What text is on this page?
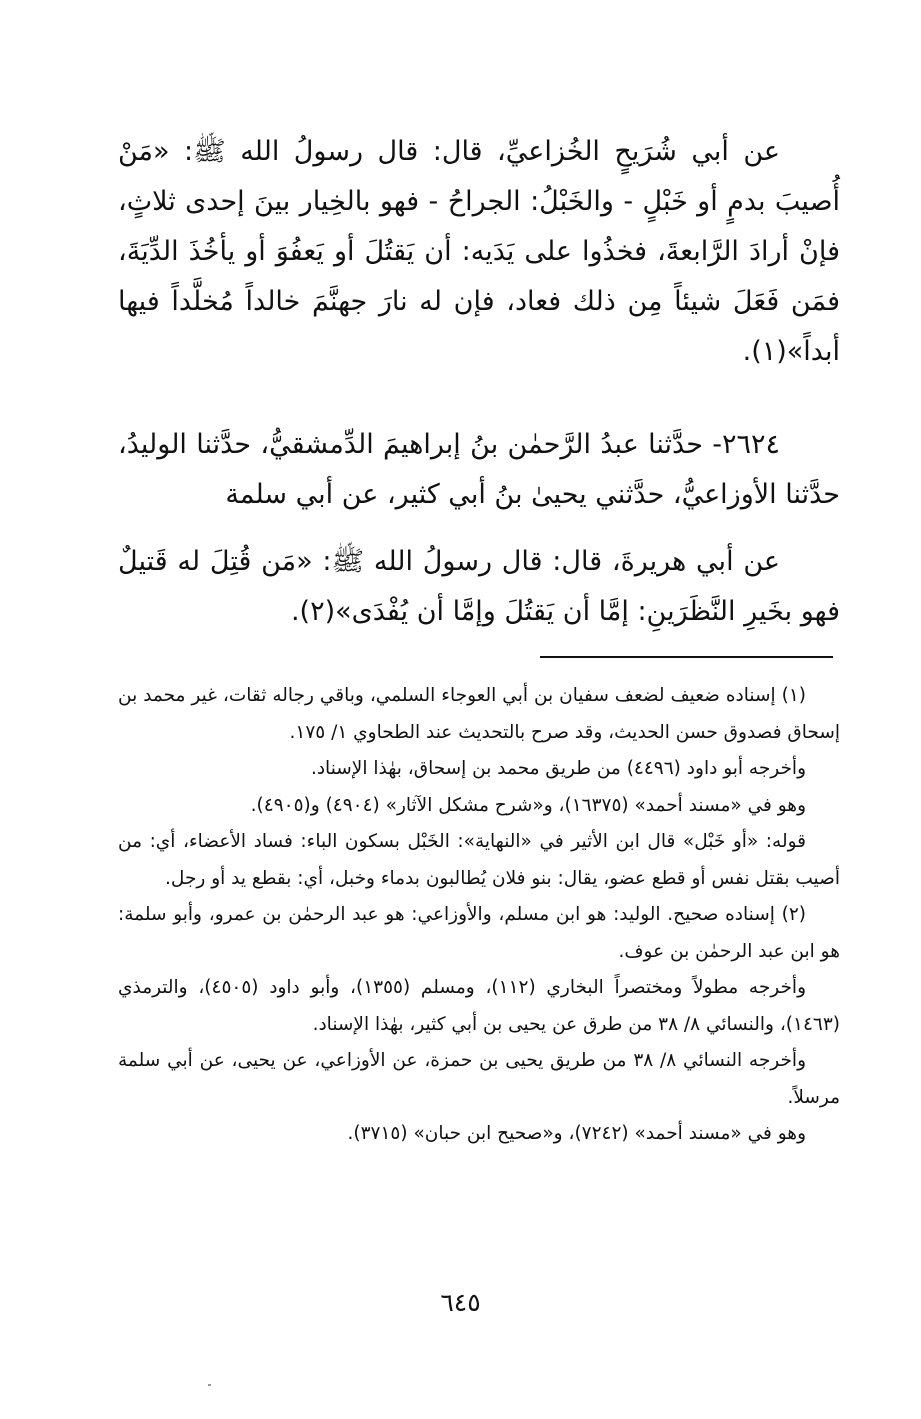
عن أبي شُرَيحٍ الخُزاعيِّ، قال: قال رسولُ الله ﷺ: «مَنْ أُصيبَ بدمٍ أو خَبْلٍ - والخَبْلُ: الجراحُ - فهو بالخِيار بينَ إحدى ثلاثٍ، فإنْ أرادَ الرَّابعةَ، فخذُوا على يَدَيه: أن يَقتُلَ أو يَعفُوَ أو يأخُذَ الدِّيَةَ، فمَن فَعَلَ شيئاً مِن ذلك فعاد، فإن له نارَ جهنَّمَ خالداً مُخلَّداً فيها أبداً»(١).

٢٦٢٤- حدَّثنا عبدُ الرَّحمٰن بنُ إبراهيمَ الدِّمشقيُّ، حدَّثنا الوليدُ، حدَّثنا الأوزاعيُّ، حدَّثني يحيىٰ بنُ أبي كثير، عن أبي سلمة

عن أبي هريرةَ، قال: قال رسولُ الله ﷺ: «مَن قُتِلَ له قَتيلٌ فهو بخَيرِ النَّظَرَينِ: إمَّا أن يَقتُلَ وإمَّا أن يُفْدَى»(٢).

(١) إسناده ضعيف لضعف سفيان بن أبي العوجاء السلمي، وباقي رجاله ثقات، غير محمد بن إسحاق فصدوق حسن الحديث، وقد صرح بالتحديث عند الطحاوي ١/ ١٧٥.

وأخرجه أبو داود (٤٤٩٦) من طريق محمد بن إسحاق، بهٰذا الإسناد.

وهو في «مسند أحمد» (١٦٣٧٥)، و«شرح مشكل الآثار» (٤٩٠٤) و(٤٩٠٥).

قوله: «أو خَبْل» قال ابن الأثير في «النهاية»: الخَبْل بسكون الباء: فساد الأعضاء، أي: من أصيب بقتل نفس أو قطع عضو، يقال: بنو فلان يُطالبون بدماء وخبل، أي: بقطع يد أو رجل.

(٢) إسناده صحيح. الوليد: هو ابن مسلم، والأوزاعي: هو عبد الرحمٰن بن عمرو، وأبو سلمة: هو ابن عبد الرحمٰن بن عوف.

وأخرجه مطولاً ومختصراً البخاري (١١٢)، ومسلم (١٣٥٥)، وأبو داود (٤٥٠٥)، والترمذي (١٤٦٣)، والنسائي ٨/ ٣٨ من طرق عن يحيى بن أبي كثير، بهٰذا الإسناد.

وأخرجه النسائي ٨/ ٣٨ من طريق يحيى بن حمزة، عن الأوزاعي، عن يحيى، عن أبي سلمة مرسلاً.

وهو في «مسند أحمد» (٧٢٤٢)، و«صحيح ابن حبان» (٣٧١٥).

٦٤٥
